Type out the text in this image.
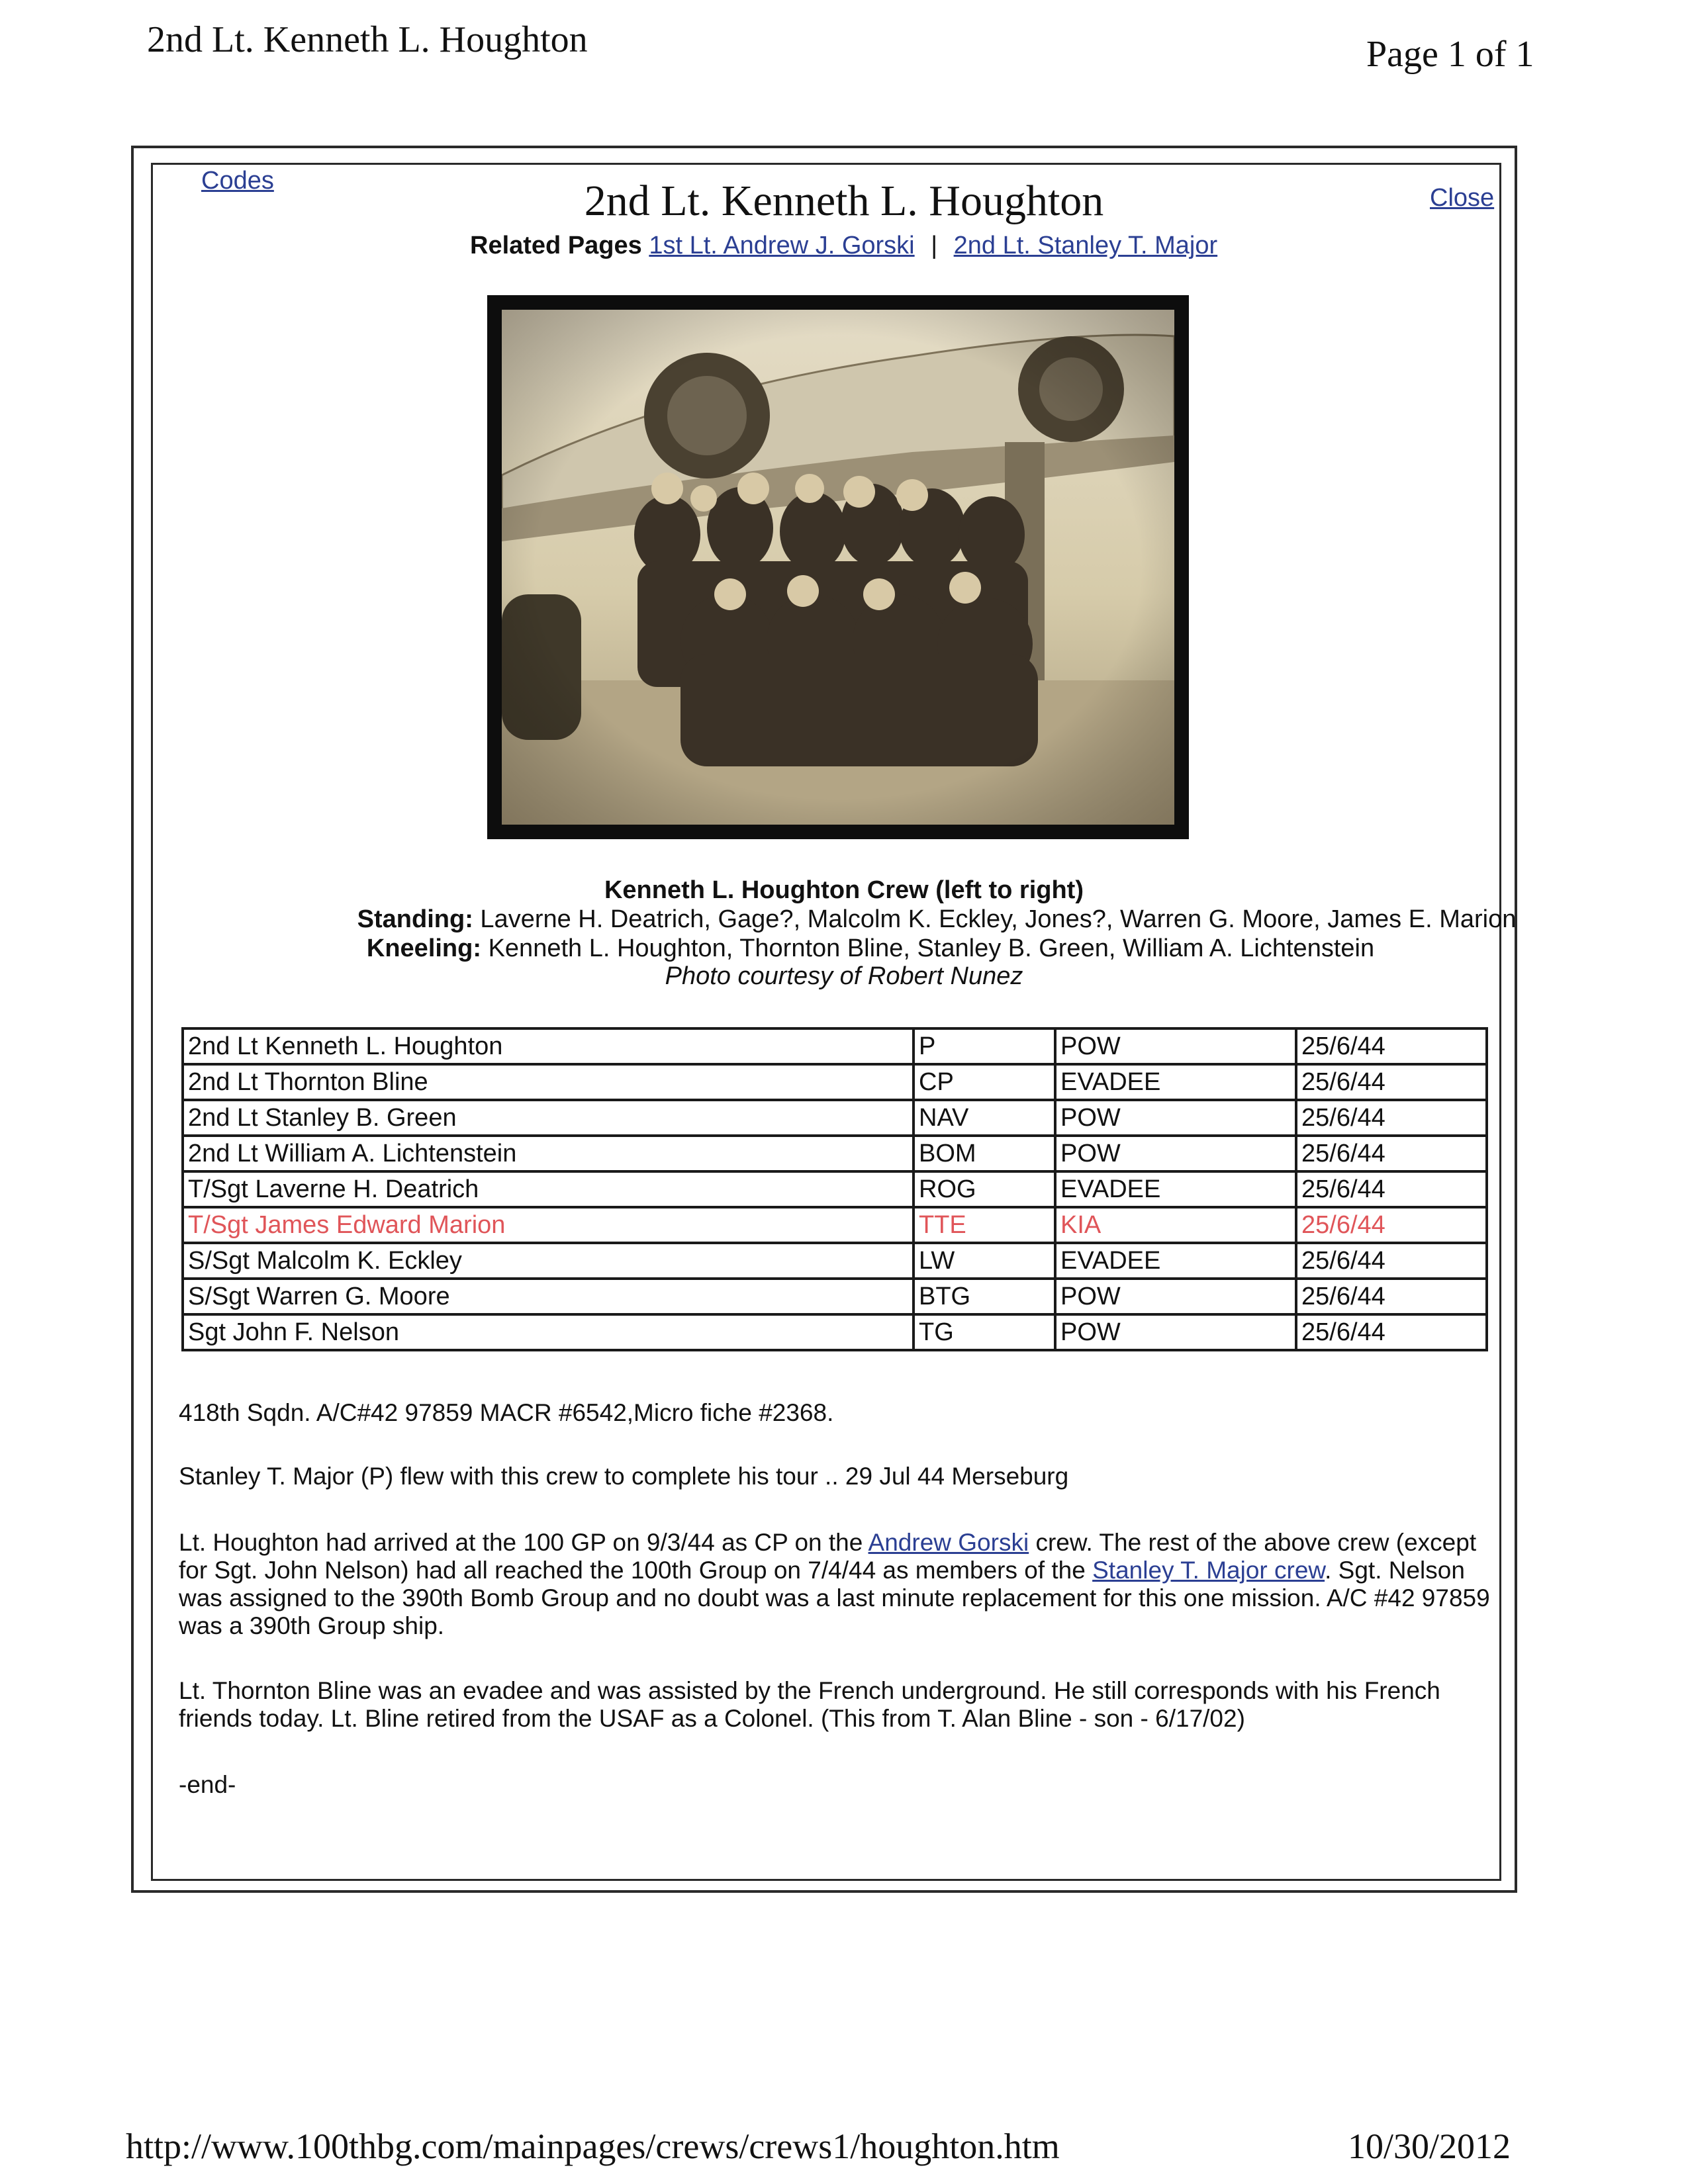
2nd Lt. Kenneth L. Houghton	Page 1 of 1
Codes
Close
2nd Lt. Kenneth L. Houghton
Related Pages 1st Lt. Andrew J. Gorski | 2nd Lt. Stanley T. Major
Kenneth L. Houghton Crew (left to right)
Standing: Laverne H. Deatrich, Gage?, Malcolm K. Eckley, Jones?, Warren G. Moore, James E. Marion
Kneeling: Kenneth L. Houghton, Thornton Bline, Stanley B. Green, William A. Lichtenstein
Photo courtesy of Robert Nunez
2nd Lt Kenneth L. Houghton	P	POW	25/6/44
2nd Lt Thornton Bline	CP	EVADEE	25/6/44
2nd Lt Stanley B. Green	NAV	POW	25/6/44
2nd Lt William A. Lichtenstein	BOM	POW	25/6/44
T/Sgt Laverne H. Deatrich	ROG	EVADEE	25/6/44
T/Sgt James Edward Marion	TTE	KIA	25/6/44
S/Sgt Malcolm K. Eckley	LW	EVADEE	25/6/44
S/Sgt Warren G. Moore	BTG	POW	25/6/44
Sgt John F. Nelson	TG	POW	25/6/44
418th Sqdn. A/C#42 97859 MACR #6542,Micro fiche #2368.
Stanley T. Major (P) flew with this crew to complete his tour .. 29 Jul 44 Merseburg
Lt. Houghton had arrived at the 100 GP on 9/3/44 as CP on the Andrew Gorski crew. The rest of the above crew (except for Sgt. John Nelson) had all reached the 100th Group on 7/4/44 as members of the Stanley T. Major crew. Sgt. Nelson was assigned to the 390th Bomb Group and no doubt was a last minute replacement for this one mission. A/C #42 97859 was a 390th Group ship.
Lt. Thornton Bline was an evadee and was assisted by the French underground. He still corresponds with his French friends today. Lt. Bline retired from the USAF as a Colonel. (This from T. Alan Bline - son - 6/17/02)
-end-
http://www.100thbg.com/mainpages/crews/crews1/houghton.htm	10/30/2012
